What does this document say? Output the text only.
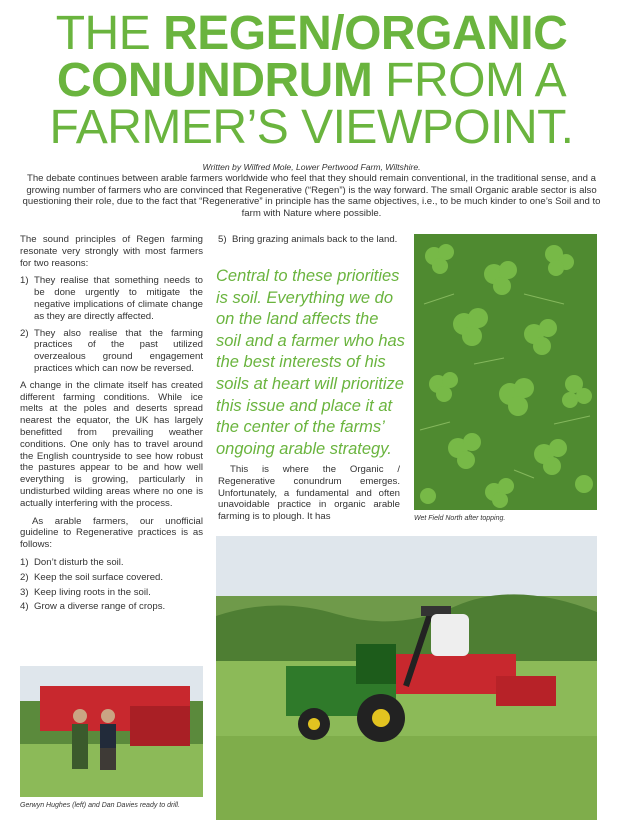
THE REGEN/ORGANIC
CONUNDRUM FROM A
FARMER’S VIEWPOINT.
Written by Wilfred Mole, Lower Pertwood Farm, Wiltshire.
The debate continues between arable farmers worldwide who feel that they should remain conventional, in the traditional sense, and a growing number of farmers who are convinced that Regenerative (“Regen”) is the way forward. The small Organic arable sector is also questioning their role, due to the fact that “Regenerative” in principle has the same objectives, i.e., to be much kinder to one’s Soil and to farm with Nature where possible.

The sound principles of Regen farming resonate very strongly with most farmers for two reasons:

1) They realise that something needs to be done urgently to mitigate the negative implications of climate change as they are directly affected.
2) They also realise that the farming practices of the past utilized overzealous ground engagement practices which can now be reversed.

A change in the climate itself has created different farming conditions. While ice melts at the poles and deserts spread nearest the equator, the UK has largely benefitted from prevailing weather conditions. One only has to travel around the English countryside to see how robust the pastures appear to be and how well everything is growing, particularly in undisturbed wilding areas where no one is actually interfering with the process.

As arable farmers, our unofficial guideline to Regenerative practices is as follows:

1) Don’t disturb the soil.
2) Keep the soil surface covered.
3) Keep living roots in the soil.
4) Grow a diverse range of crops.
5) Bring grazing animals back to the land.
Central to these priorities is soil. Everything we do on the land affects the soil and a farmer who has the best interests of his soils at heart will prioritize this issue and place it at the center of the farms’ ongoing arable strategy.

This is where the Organic / Regenerative conundrum emerges. Unfortunately, a fundamental and often unavoidable practice in organic arable farming is to plough. It has	Wet Field North after topping.
Gerwyn Hughes (left) and Dan Davies ready to drill.
